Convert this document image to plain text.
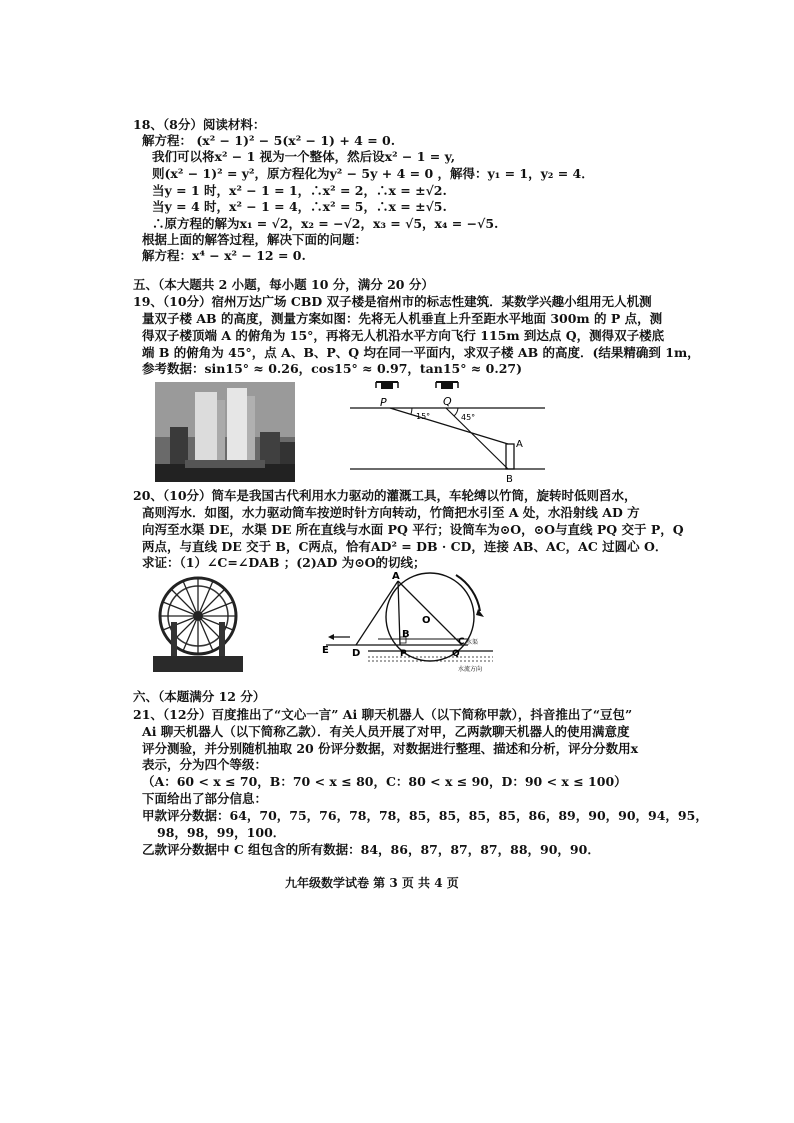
18、（8分）阅读材料：
解方程： (x² − 1)² − 5(x² − 1) + 4 = 0.
我们可以将x² − 1 视为一个整体，然后设x² − 1 = y,
则(x² − 1)² = y²，原方程化为y² − 5y + 4 = 0 ，解得：y₁ = 1，y₂ = 4．
当y = 1 时，x² − 1 = 1，∴x² = 2，∴x = ±√2.
当y = 4 时，x² − 1 = 4，∴x² = 5，∴x = ±√5.
∴原方程的解为x₁ = √2，x₂ = −√2，x₃ = √5，x₄ = −√5.
根据上面的解答过程，解决下面的问题：
解方程：x⁴ − x² − 12 = 0.
五、（本大题共 2 小题，每小题 10 分，满分 20 分）
19、（10分）宿州万达广场 CBD 双子楼是宿州市的标志性建筑．某数学兴趣小组用无人机测
量双子楼 AB 的高度，测量方案如图：先将无人机垂直上升至距水平地面 300m 的 P 点，测
得双子楼顶端 A 的俯角为 15°，再将无人机沿水平方向飞行 115m 到达点 Q，测得双子楼底
端 B 的俯角为 45°，点 A、B、P、Q 均在同一平面内，求双子楼 AB 的高度．(结果精确到 1m，
参考数据：sin15° ≈ 0.26，cos15° ≈ 0.97，tan15° ≈ 0.27)
P	Q
15°	45°
A
B
20、（10分）筒车是我国古代利用水力驱动的灌溉工具，车轮缚以竹筒，旋转时低则舀水，
高则泻水．如图，水力驱动筒车按逆时针方向转动，竹筒把水引至 A 处，水沿射线 AD 方
向泻至水渠 DE，水渠 DE 所在直线与水面 PQ 平行；设筒车为⊙O，⊙O与直线 PQ 交于 P，Q
两点，与直线 DE 交于 B，C两点，恰有AD² = DB · CD，连接 AB、AC，AC 过圆心 O．
求证：（1）∠C=∠DAB ；(2)AD 为⊙O的切线；
A
B
C 水渠
D
E
O
P	Q
水流方向
六、（本题满分 12 分）
21、（12分）百度推出了“文心一言” Ai 聊天机器人（以下简称甲款），抖音推出了“豆包”
Ai 聊天机器人（以下简称乙款）．有关人员开展了对甲，乙两款聊天机器人的使用满意度
评分测验，并分别随机抽取 20 份评分数据，对数据进行整理、描述和分析，评分分数用x
表示，分为四个等级：
（A：60 < x ≤ 70，B：70 < x ≤ 80，C：80 < x ≤ 90，D：90 < x ≤ 100）
下面给出了部分信息：
甲款评分数据：64，70，75，76，78，78，85，85，85，85，86，89，90，90，94，95，
98，98，99，100．
乙款评分数据中 C 组包含的所有数据：84，86，87，87，87，88，90，90．
九年级数学试卷 第 3 页 共 4 页
